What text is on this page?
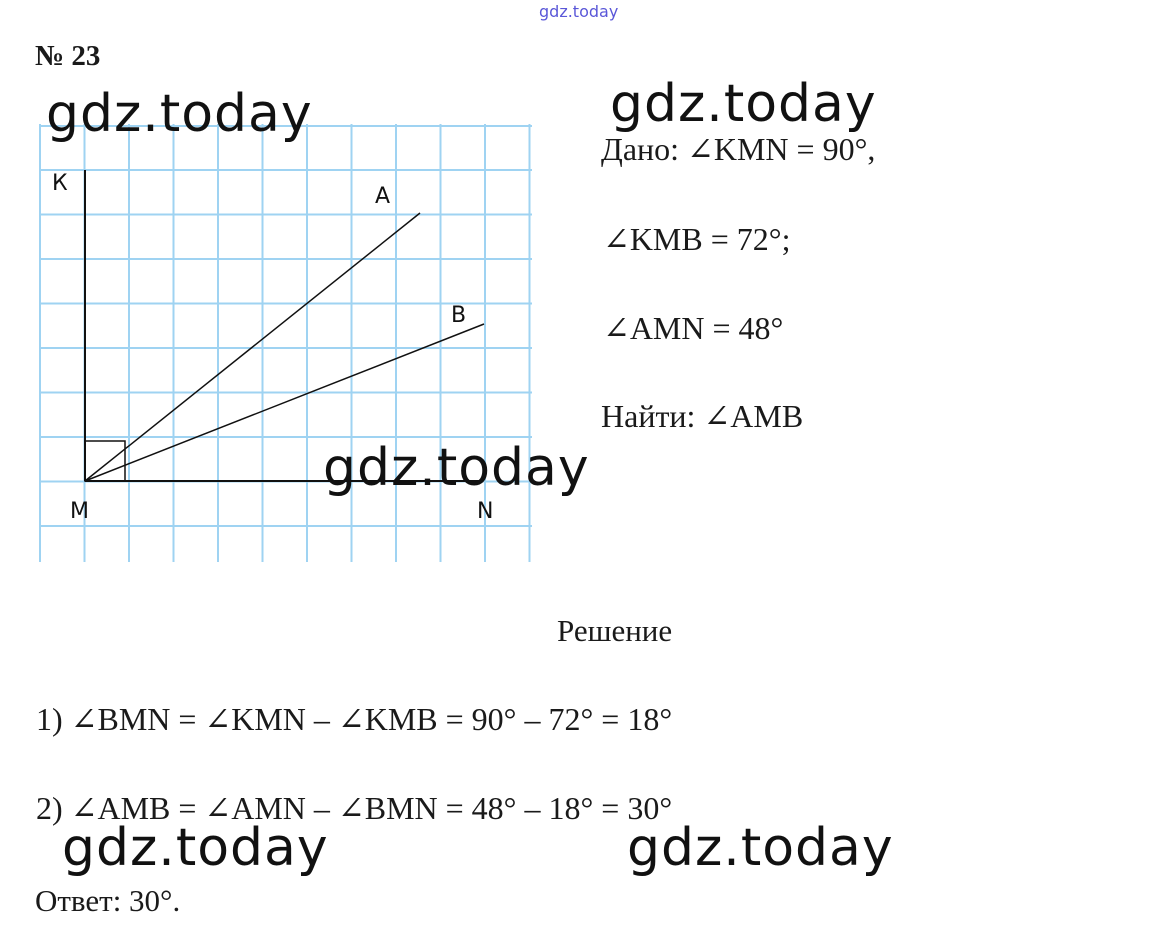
gdz.today
№ 23
К
A
B
M	N
gdz.today	gdz.today
gdz.today
gdz.today	gdz.today
Дано: ∠KMN = 90°,
∠KMB = 72°;
∠AMN = 48°
Найти: ∠AMB
Решение
1) ∠BMN = ∠KMN – ∠KMB = 90° – 72° = 18°
2) ∠AMB = ∠AMN – ∠BMN = 48° – 18° = 30°
Ответ: 30°.
